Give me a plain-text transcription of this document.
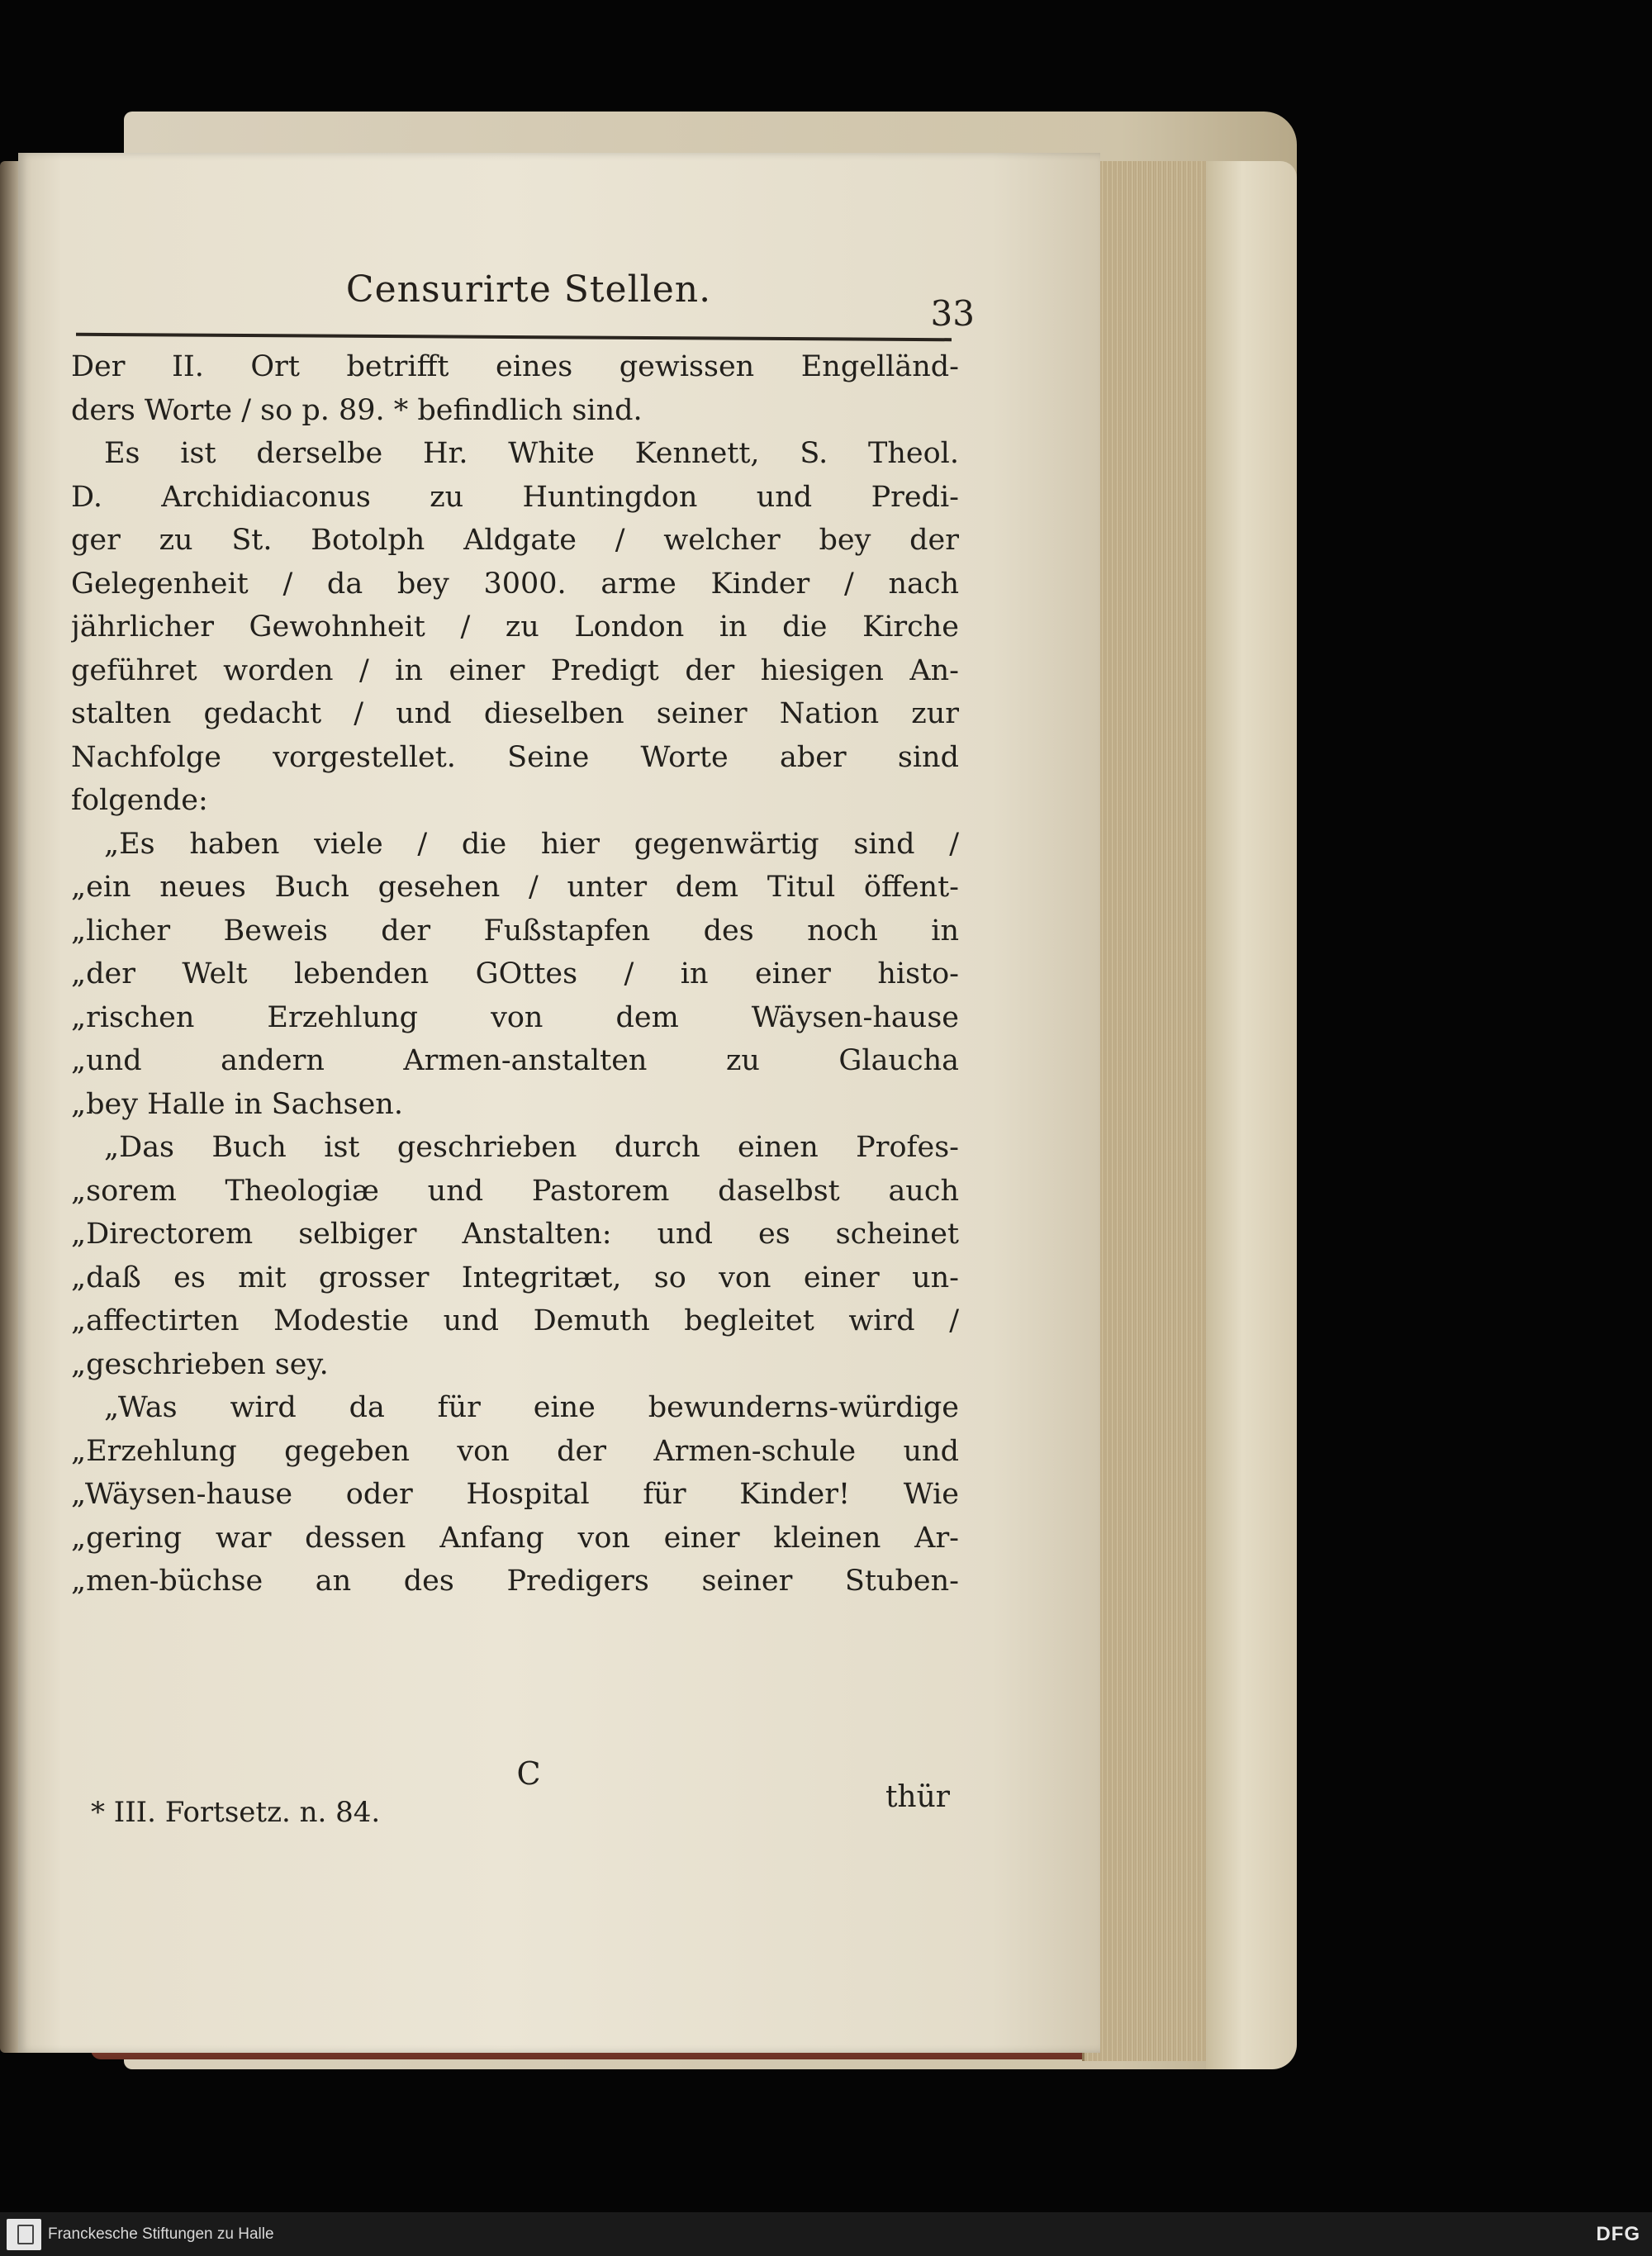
Censurirte Stellen.
33
Der II. Ort betrifft eines gewissen Engelländ-
ders Worte / so p. 89. * befindlich sind.
Es ist derselbe Hr. White Kennett, S. Theol.
D. Archidiaconus zu Huntingdon und Predi-
ger zu St. Botolph Aldgate / welcher bey der
Gelegenheit / da bey 3000. arme Kinder / nach
jährlicher Gewohnheit / zu London in die Kirche
geführet worden / in einer Predigt der hiesigen An-
stalten gedacht / und dieselben seiner Nation zur
Nachfolge vorgestellet. Seine Worte aber sind
folgende:
„Es haben viele / die hier gegenwärtig sind /
„ein neues Buch gesehen / unter dem Titul öffent-
„licher Beweis der Fußstapfen des noch in
„der Welt lebenden GOttes / in einer histo-
„rischen Erzehlung von dem Wäysen-hause
„und andern Armen-anstalten zu Glaucha
„bey Halle in Sachsen.
„Das Buch ist geschrieben durch einen Profes-
„sorem Theologiæ und Pastorem daselbst auch
„Directorem selbiger Anstalten: und es scheinet
„daß es mit grosser Integritæt, so von einer un-
„affectirten Modestie und Demuth begleitet wird /
„geschrieben sey.
„Was wird da für eine bewunderns-würdige
„Erzehlung gegeben von der Armen-schule und
„Wäysen-hause oder Hospital für Kinder! Wie
„gering war dessen Anfang von einer kleinen Ar-
„men-büchse an des Predigers seiner Stuben-
C
thür
* III. Fortsetz. n. 84.
Franckesche Stiftungen zu Halle	DFG
